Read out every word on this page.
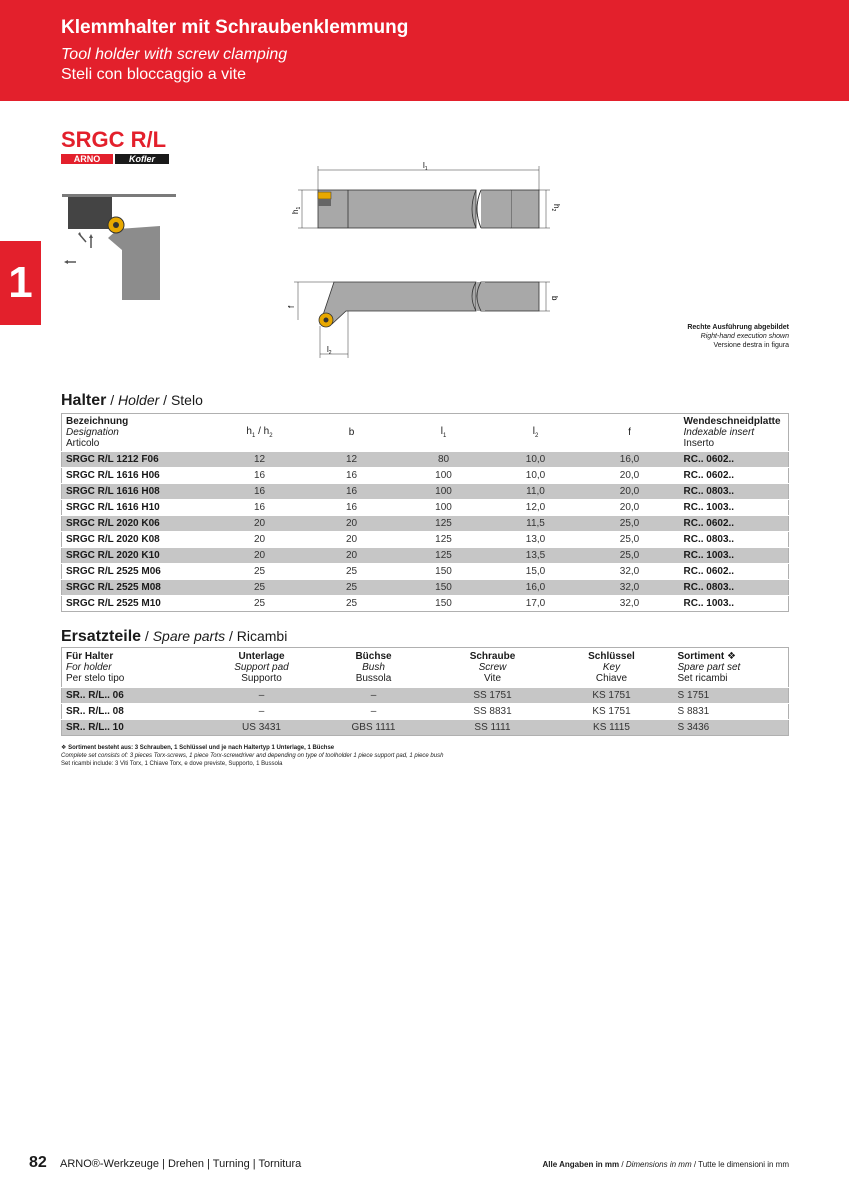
Klemmhalter mit Schraubenklemmung
Tool holder with screw clamping
Steli con bloccaggio a vite
1
SRGC R/L
ARNO	Kofler
$l_1$
$h_1$	$h_2$
f
b
$l_2$
Rechte Ausführung abgebildet
Right-hand execution shown
Versione destra in figura
Halter / Holder / Stelo
Bezeichnung
Designation
Articolo	$h_1 / h_2$	b	$l_1$	$l_2$	f	Wendeschneidplatte
Indexable insert
Inserto

SRGC R/L 1212 F06	12	12	80	10,0	16,0	RC.. 0602..
SRGC R/L 1616 H06	16	16	100	10,0	20,0	RC.. 0602..
SRGC R/L 1616 H08	16	16	100	11,0	20,0	RC.. 0803..
SRGC R/L 1616 H10	16	16	100	12,0	20,0	RC.. 1003..
SRGC R/L 2020 K06	20	20	125	11,5	25,0	RC.. 0602..
SRGC R/L 2020 K08	20	20	125	13,0	25,0	RC.. 0803..
SRGC R/L 2020 K10	20	20	125	13,5	25,0	RC.. 1003..
SRGC R/L 2525 M06	25	25	150	15,0	32,0	RC.. 0602..
SRGC R/L 2525 M08	25	25	150	16,0	32,0	RC.. 0803..
SRGC R/L 2525 M10	25	25	150	17,0	32,0	RC.. 1003..
Ersatzteile / Spare parts / Ricambi
Für Halter
For holder
Per stelo tipo	Unterlage
Support pad
Supporto	Büchse
Bush
Bussola	Schraube
Screw
Vite	Schlüssel
Key
Chiave	Sortiment ❖
Spare part set
Set ricambi

SR.. R/L.. 06	–	–	SS 1751	KS 1751	S 1751
SR.. R/L.. 08	–	–	SS 8831	KS 1751	S 8831
SR.. R/L.. 10	US 3431	GBS 1111	SS 1111	KS 1115	S 3436
❖ Sortiment besteht aus: 3 Schrauben, 1 Schlüssel und je nach Haltertyp 1 Unterlage, 1 Büchse
Complete set consists of: 3 pieces Torx-screws, 1 piece Torx-screwdriver and depending on type of toolholder 1 piece support pad, 1 piece bush
Set ricambi include: 3 Viti Torx, 1 Chiave Torx, e dove previste, Supporto, 1 Bussola
82 ARNO®-Werkzeuge | Drehen | Turning | Tornitura	Alle Angaben in mm / Dimensions in mm / Tutte le dimensioni in mm
